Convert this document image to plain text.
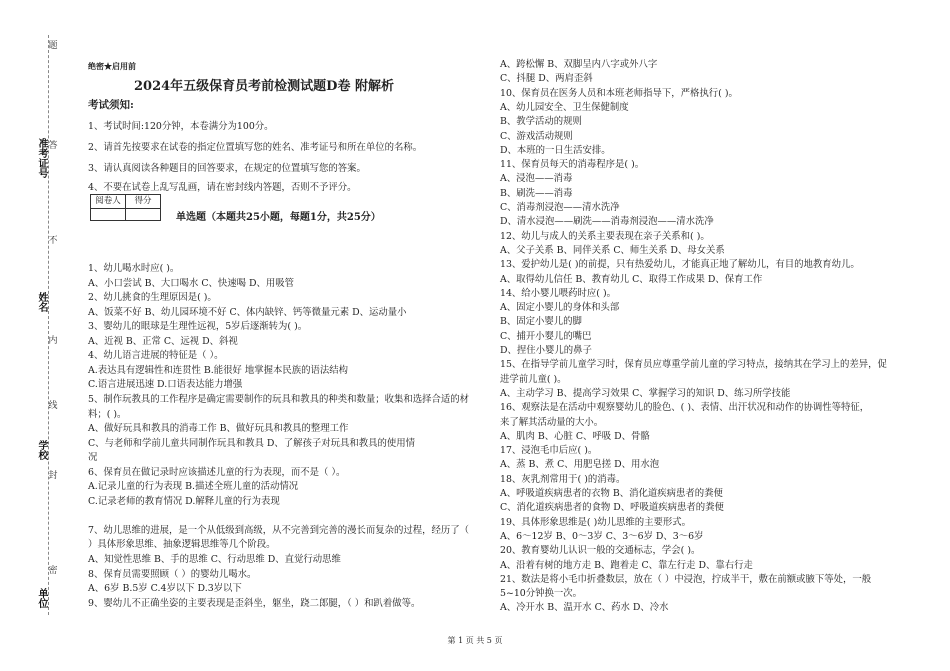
题
答
不
内
线
封
密
准考证号
姓名
学校
单位
绝密★启用前
2024年五级保育员考前检测试题D卷 附解析
考试须知:
1、考试时间:120分钟，本卷满分为100分。
2、请首先按要求在试卷的指定位置填写您的姓名、准考证号和所在单位的名称。
3、请认真阅读各种题目的回答要求，在规定的位置填写您的答案。
4、不要在试卷上乱写乱画，请在密封线内答题，否则不予评分。
阅卷人	得分

单选题（本题共25小题，每题1分，共25分）
1、幼儿喝水时应( )。
A、小口尝试 B、大口喝水 C、快速喝 D、用吸管
2、幼儿挑食的生理原因是( )。
A、饭菜不好 B、幼儿园环境不好 C、体内缺锌、钙等微量元素 D、运动量小
3、婴幼儿的眼球是生理性远视，5岁后逐渐转为( )。
A、近视 B、正常 C、远视 D、斜视
4、幼儿语言进展的特征是（ ）。
A.表达具有逻辑性和连贯性 B.能很好 地掌握本民族的语法结构
C.语言进展迅速 D.口语表达能力增强
5、制作玩教具的工作程序是确定需要制作的玩具和教具的种类和数量；收集和选择合适的材
料；( )。
A、做好玩具和教具的消毒工作 B、做好玩具和教具的整理工作
C、与老师和学前儿童共同制作玩具和教具 D、了解孩子对玩具和教具的使用情
况
6、保育员在做记录时应该描述儿童的行为表现，而不是（ ）。
A.记录儿童的行为表现 B.描述全班儿童的活动情况
C.记录老师的教育情况 D.解释儿童的行为表现
7、幼儿思维的进展，是一个从低级到高级，从不完善到完善的漫长而复杂的过程，经历了（
）具体形象思维、抽象逻辑思维等几个阶段。
A、知觉性思维 B、手的思维 C、行动思维 D、直觉行动思维
8、保育员需要照顾（ ）的婴幼儿喝水。
A、6岁 B.5岁 C.4岁以下 D.3岁以下
9、婴幼儿不正确坐姿的主要表现是歪斜坐，躯坐，跷二郎腿，（ ）和趴着做等。
A、跨松懈 B、双脚呈内八字或外八字
C、抖腿 D、两肩歪斜
10、保育员在医务人员和本班老师指导下，严格执行( )。
A、幼儿园安全、卫生保健制度
B、教学活动的规则
C、游戏活动规则
D、本班的一日生活安排。
11、保育员每天的消毒程序是( )。
A、浸泡——消毒
B、刷洗——消毒
C、消毒剂浸泡——清水洗净
D、清水浸泡——刷洗——消毒剂浸泡——清水洗净
12、幼儿与成人的关系主要表现在亲子关系和( )。
A、父子关系 B、同伴关系 C、师生关系 D、母女关系
13、爱护幼儿是( )的前提，只有热爱幼儿，才能真正地了解幼儿，有目的地教育幼儿。
A、取得幼儿信任 B、教育幼儿 C、取得工作成果 D、保育工作
14、给小婴儿喂药时应( )。
A、固定小婴儿的身体和头部
B、固定小婴儿的脚
C、捕开小婴儿的嘴巴
D、捏住小婴儿的鼻子
15、在指导学前儿童学习时，保育员应尊重学前儿童的学习特点，接纳其在学习上的差异，促
进学前儿童( )。
A、主动学习 B、提高学习效果 C、掌握学习的知识 D、练习所学技能
16、观察法是在活动中观察婴幼儿的脸色、( )、表情、出汗状况和动作的协调性等特征，
来了解其活动量的大小。
A、肌肉 B、心脏 C、呼吸 D、骨骼
17、浸泡毛巾后应( )。
A、蒸 B、煮 C、用肥皂搓 D、用水泡
18、灰乳剂常用于( )的消毒。
A、呼吸道疾病患者的衣物 B、消化道疾病患者的粪便
C、消化道疾病患者的食物 D、呼吸道疾病患者的粪便
19、具体形象思维是( )幼儿思维的主要形式。
A、6～12岁 B、0～3岁 C、3～6岁 D、3～6岁
20、教育婴幼儿认识一般的交通标志，学会( )。
A、沿着有树的地方走 B、跑着走 C、靠左行走 D、靠右行走
21、数法是将小毛巾折叠数层，放在（ ）中浸泡，拧成半干，敷在前额或腋下等处，一般
5~10分钟换一次。
A、冷开水 B、温开水 C、药水 D、冷水
第 1 页 共 5 页
